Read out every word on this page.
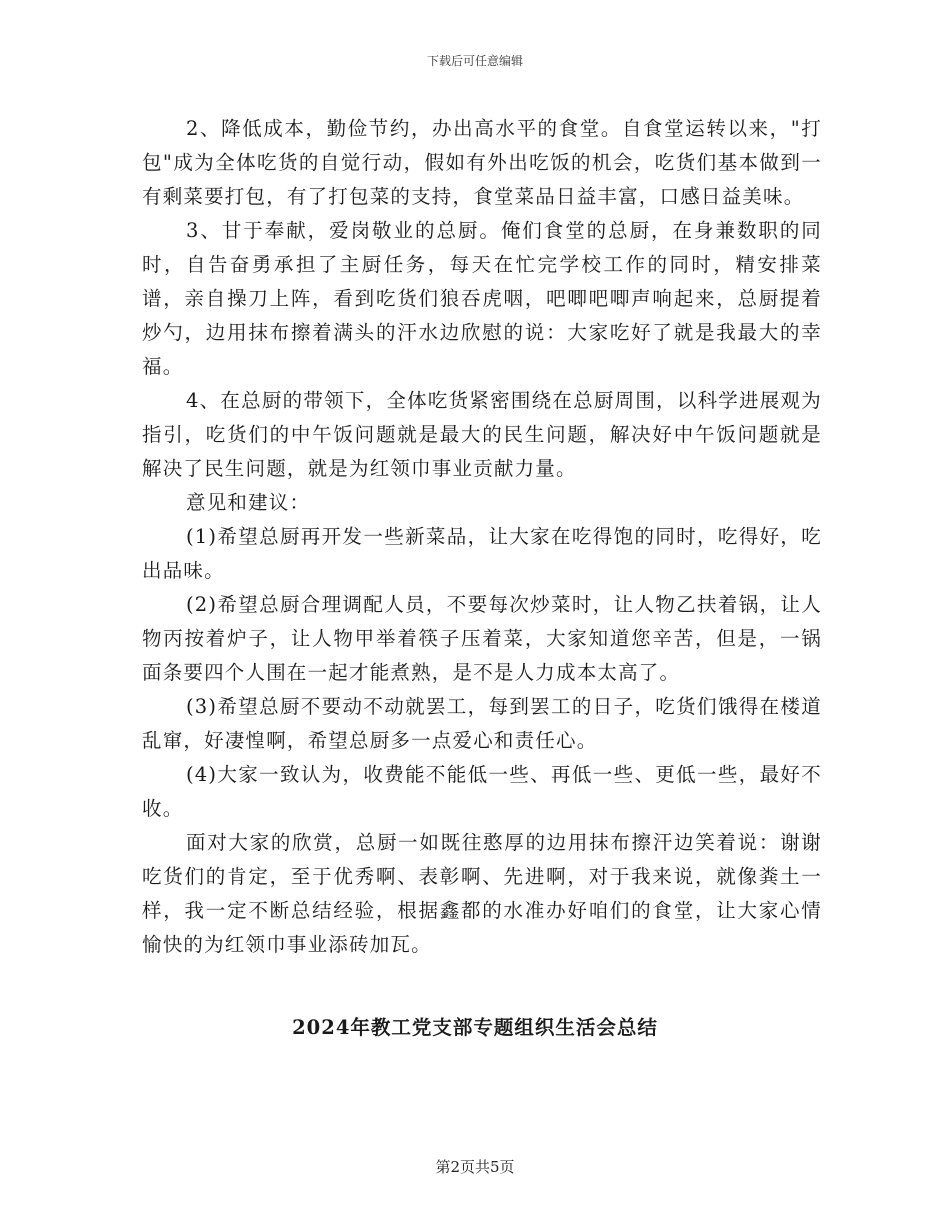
下载后可任意编辑

2、降低成本，勤俭节约，办出高水平的食堂。自食堂运转以来，"打包"成为全体吃货的自觉行动，假如有外出吃饭的机会，吃货们基本做到一有剩菜要打包，有了打包菜的支持，食堂菜品日益丰富，口感日益美味。

3、甘于奉献，爱岗敬业的总厨。俺们食堂的总厨，在身兼数职的同时，自告奋勇承担了主厨任务，每天在忙完学校工作的同时，精安排菜谱，亲自操刀上阵，看到吃货们狼吞虎咽，吧唧吧唧声响起来，总厨提着炒勺，边用抹布擦着满头的汗水边欣慰的说：大家吃好了就是我最大的幸福。

4、在总厨的带领下，全体吃货紧密围绕在总厨周围，以科学进展观为指引，吃货们的中午饭问题就是最大的民生问题，解决好中午饭问题就是解决了民生问题，就是为红领巾事业贡献力量。

意见和建议：

(1)希望总厨再开发一些新菜品，让大家在吃得饱的同时，吃得好，吃出品味。

(2)希望总厨合理调配人员，不要每次炒菜时，让人物乙扶着锅，让人物丙按着炉子，让人物甲举着筷子压着菜，大家知道您辛苦，但是，一锅面条要四个人围在一起才能煮熟，是不是人力成本太高了。

(3)希望总厨不要动不动就罢工，每到罢工的日子，吃货们饿得在楼道乱窜，好凄惶啊，希望总厨多一点爱心和责任心。

(4)大家一致认为，收费能不能低一些、再低一些、更低一些，最好不收。

面对大家的欣赏，总厨一如既往憨厚的边用抹布擦汗边笑着说：谢谢吃货们的肯定，至于优秀啊、表彰啊、先进啊，对于我来说，就像粪土一样，我一定不断总结经验，根据鑫都的水准办好咱们的食堂，让大家心情愉快的为红领巾事业添砖加瓦。

2024年教工党支部专题组织生活会总结
第2页共5页
